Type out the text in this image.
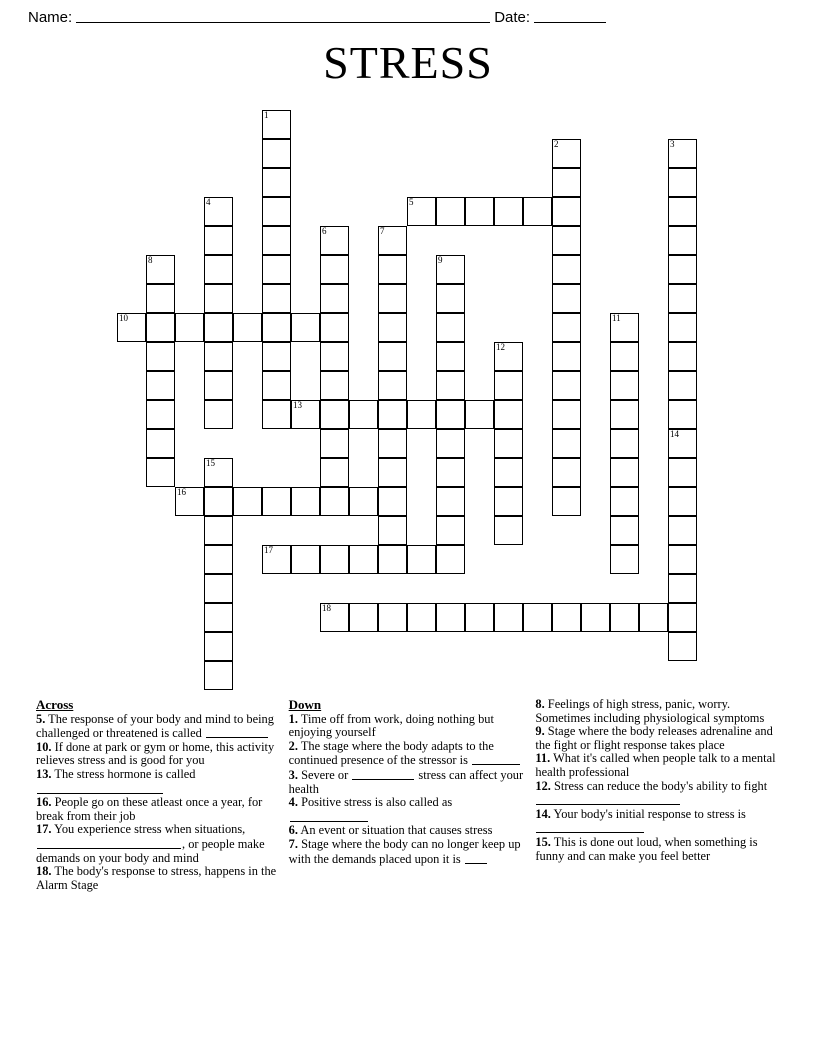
Name:	Date:
STRESS
1
2	3
4	5
6	7
8	9
10	11
12
13
14
15
16
17
18
Across

5. The response of your body and mind to being challenged or threatened is called

10. If done at park or gym or home, this activity relieves stress and is good for you

13. The stress hormone is called

16. People go on these atleast once a year, for break from their job

17. You experience stress when situations, , or people make demands on your body and mind

18. The body's response to stress, happens in the Alarm Stage

Down

1. Time off from work, doing nothing but enjoying yourself

2. The stage where the body adapts to the continued presence of the stressor is

3. Severe or	stress can affect your health

4. Positive stress is also called as

6. An event or situation that causes stress

7. Stage where the body can no longer keep up with the demands placed upon it is

8. Feelings of high stress, panic, worry. Sometimes including physiological symptoms

9. Stage where the body releases adrenaline and the fight or flight response takes place

11. What it's called when people talk to a mental health professional

12. Stress can reduce the body's ability to fight

14. Your body's initial response to stress is

15. This is done out loud, when something is funny and can make you feel better
